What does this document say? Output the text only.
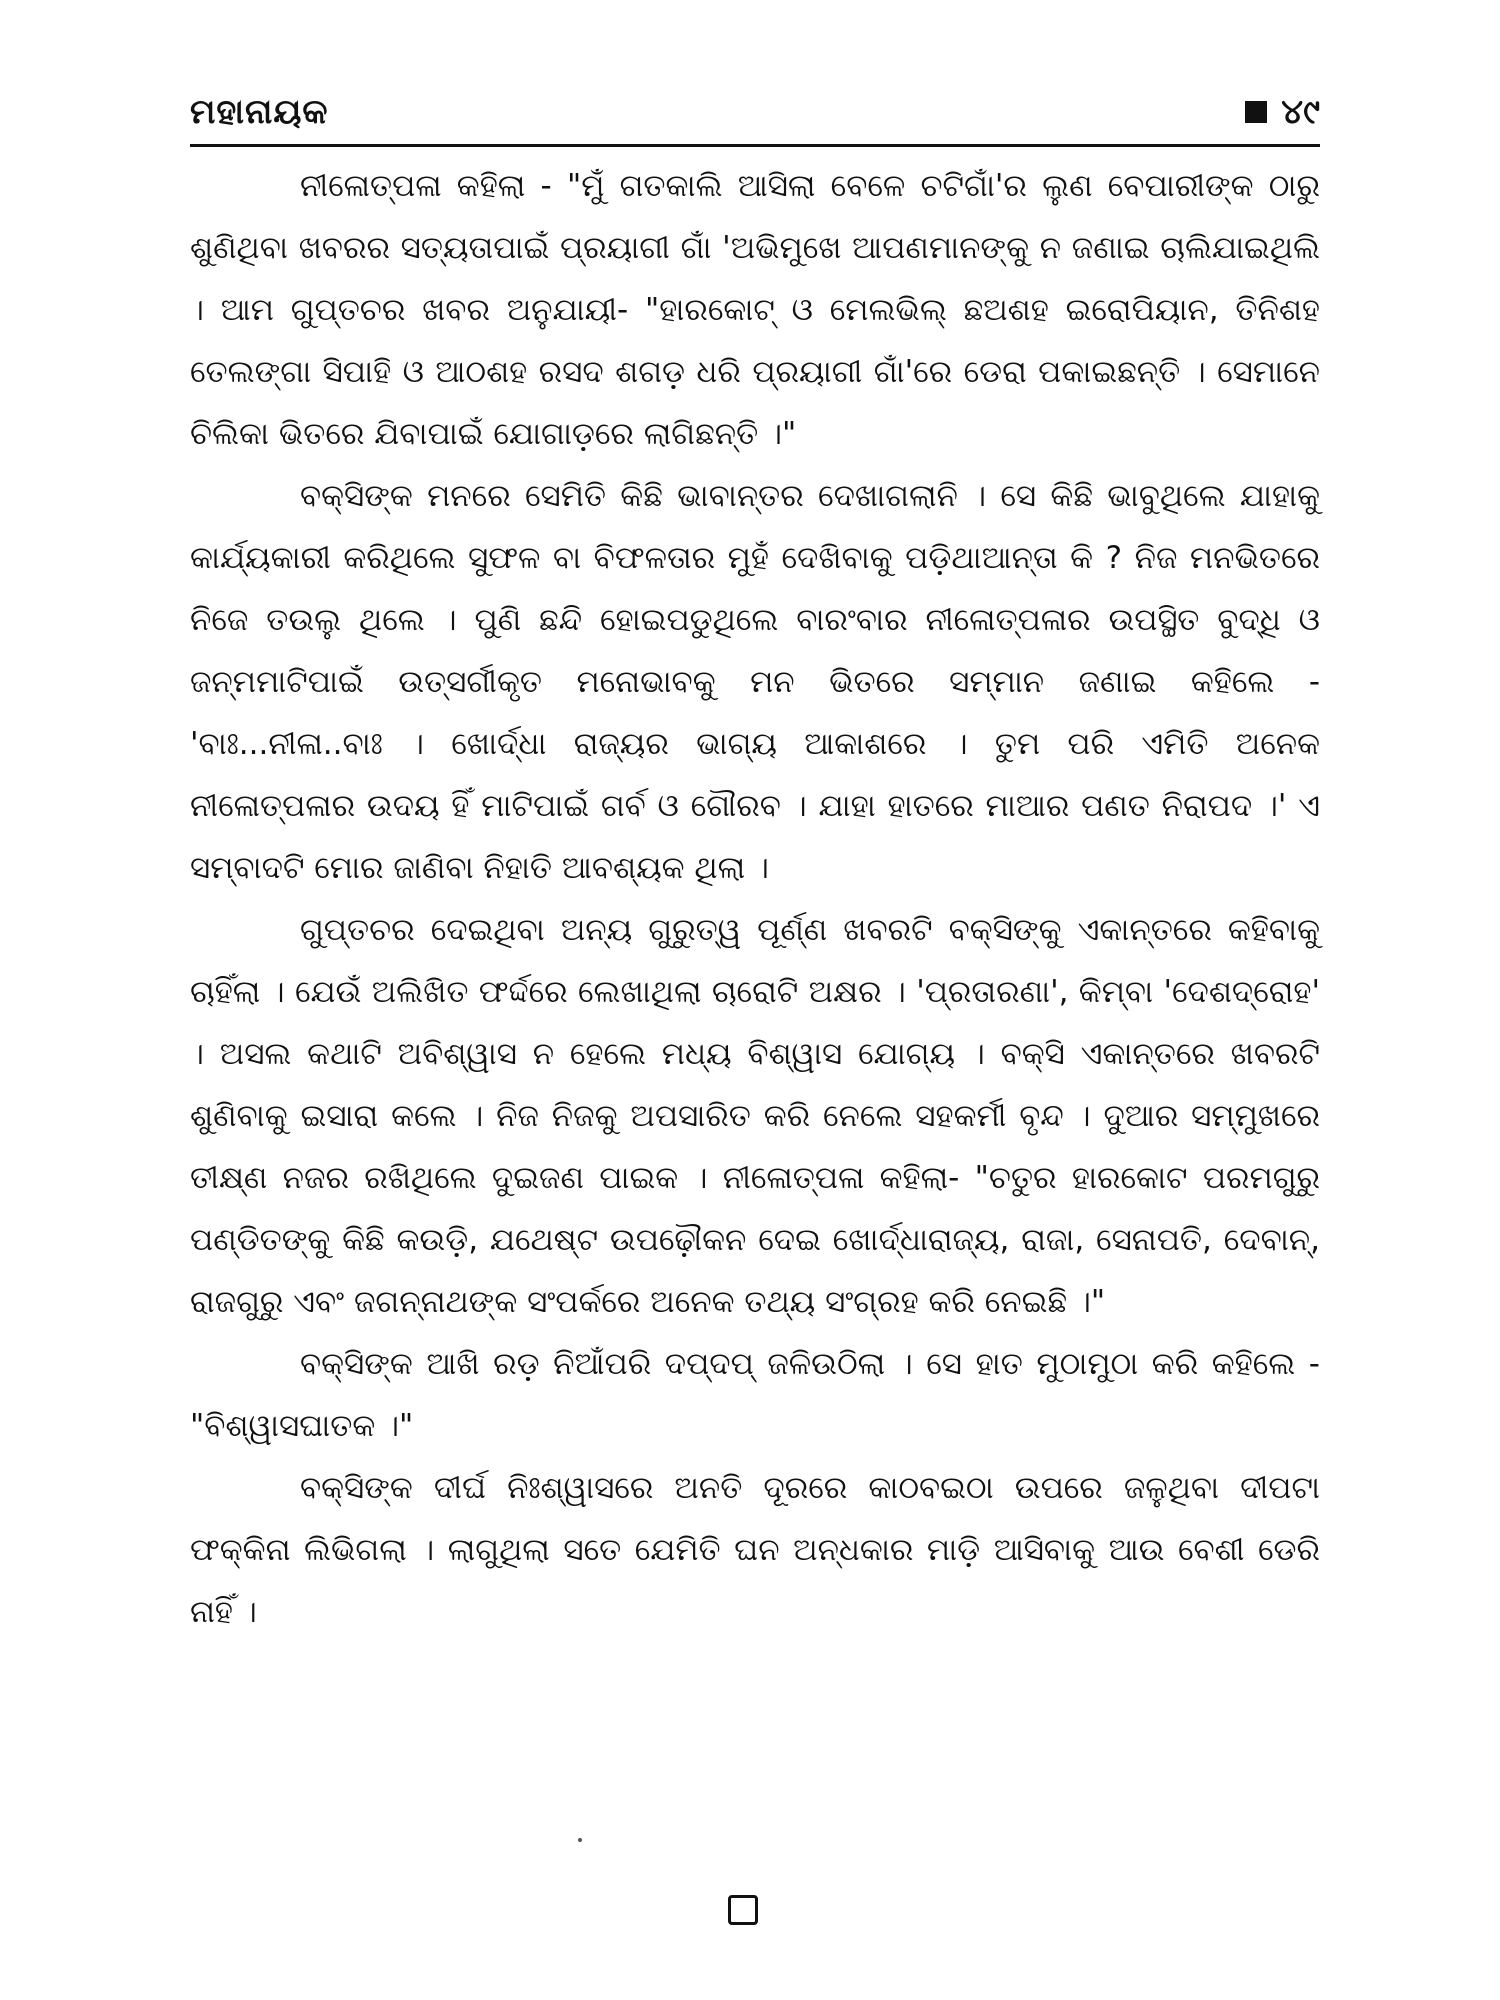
ମହାନାୟକ	୪୯

ନୀଳୋତ୍ପଳା କହିଲା - "ମୁଁ ଗତକାଲି ଆସିଲା ବେଳେ ଚଟିଗାଁ'ର ଲୁଣ ବେପାରୀଙ୍କ ଠାରୁ ଶୁଣିଥିବା ଖବରର ସତ୍ୟତାପାଇଁ ପ୍ରୟାଗୀ ଗାଁ 'ଅଭିମୁଖେ ଆପଣମାନଙ୍କୁ ନ ଜଣାଇ ଚାଲିଯାଇଥିଲି । ଆମ ଗୁପ୍ତଚର ଖବର ଅନୁଯାୟୀ- "ହାରକୋଟ୍ ଓ ମେଲଭିଲ୍ ଛଅଶହ ଇରୋପିୟାନ, ତିନିଶହ ତେଲଙ୍ଗା ସିପାହି ଓ ଆଠଶହ ରସଦ ଶଗଡ଼ ଧରି ପ୍ରୟାଗୀ ଗାଁ'ରେ ଡେରା ପକାଇଛନ୍ତି । ସେମାନେ ଚିଲିକା ଭିତରେ ଯିବାପାଇଁ ଯୋଗାଡ଼ରେ ଲାଗିଛନ୍ତି ।"

ବକ୍ସିଙ୍କ ମନରେ ସେମିତି କିଛି ଭାବାନ୍ତର ଦେଖାଗଲାନି । ସେ କିଛି ଭାବୁଥିଲେ ଯାହାକୁ କାର୍ଯ୍ୟକାରୀ କରିଥିଲେ ସୁଫଳ ବା ବିଫଳତାର ମୁହଁ ଦେଖିବାକୁ ପଡ଼ିଥାଆନ୍ତା କି ? ନିଜ ମନଭିତରେ ନିଜେ ତଉଲୁ ଥିଲେ । ପୁଣି ଛନ୍ଦି ହୋଇପଡୁଥିଲେ ବାରଂବାର ନୀଳୋତ୍ପଳାର ଉପସ୍ଥିତ ବୁଦ୍ଧି ଓ ଜନ୍ମମାଟିପାଇଁ ଉତ୍ସର୍ଗୀକୃତ ମନୋଭାବକୁ ମନ ଭିତରେ ସମ୍ମାନ ଜଣାଇ କହିଲେ - 'ବାଃ...ନୀଳା..ବାଃ । ଖୋର୍ଦ୍ଧା ରାଜ୍ୟର ଭାଗ୍ୟ ଆକାଶରେ । ତୁମ ପରି ଏମିତି ଅନେକ ନୀଳୋତ୍ପଳାର ଉଦୟ ହିଁ ମାଟିପାଇଁ ଗର୍ବ ଓ ଗୌରବ । ଯାହା ହାତରେ ମାଆର ପଣତ ନିରାପଦ ।' ଏ ସମ୍ବାଦଟି ମୋର ଜାଣିବା ନିହାତି ଆବଶ୍ୟକ ଥିଲା ।

ଗୁପ୍ତଚର ଦେଇଥିବା ଅନ୍ୟ ଗୁରୁତ୍ୱ ପୂର୍ଣ୍ଣ ଖବରଟି ବକ୍ସିଙ୍କୁ ଏକାନ୍ତରେ କହିବାକୁ ଚାହିଁଲା । ଯେଉଁ ଅଲିଖିତ ଫର୍ଦ୍ଦରେ ଲେଖାଥିଲା ଚାରୋଟି ଅକ୍ଷର । 'ପ୍ରତାରଣା', କିମ୍ବା 'ଦେଶଦ୍ରୋହ' । ଅସଲ କଥାଟି ଅବିଶ୍ୱାସ ନ ହେଲେ ମଧ୍ୟ ବିଶ୍ୱାସ ଯୋଗ୍ୟ । ବକ୍ସି ଏକାନ୍ତରେ ଖବରଟି ଶୁଣିବାକୁ ଇସାରା କଲେ । ନିଜ ନିଜକୁ ଅପସାରିତ କରି ନେଲେ ସହକର୍ମୀ ବୃନ୍ଦ । ଦୁଆର ସମ୍ମୁଖରେ ତୀକ୍ଷ୍ଣ ନଜର ରଖିଥିଲେ ଦୁଇଜଣ ପାଇକ । ନୀଳୋତ୍ପଳା କହିଲା- "ଚତୁର ହାରକୋଟ ପରମଗୁରୁ ପଣ୍ଡିତଙ୍କୁ କିଛି କଉଡ଼ି, ଯଥେଷ୍ଟ ଉପଢ଼ୌକନ ଦେଇ ଖୋର୍ଦ୍ଧାରାଜ୍ୟ, ରାଜା, ସେନାପତି, ଦେବାନ୍, ରାଜଗୁରୁ ଏବଂ ଜଗନ୍ନାଥଙ୍କ ସଂପର୍କରେ ଅନେକ ତଥ୍ୟ ସଂଗ୍ରହ କରି ନେଇଛି ।"

ବକ୍ସିଙ୍କ ଆଖି ରଡ଼ ନିଆଁପରି ଦପ୍‌ଦପ୍ ଜଳିଉଠିଲା । ସେ ହାତ ମୁଠାମୁଠା କରି କହିଲେ - "ବିଶ୍ୱାସଘାତକ ।"

ବକ୍ସିଙ୍କ ଦୀର୍ଘ ନିଃଶ୍ୱାସରେ ଅନତି ଦୂରରେ କାଠବଇଠା ଉପରେ ଜଳୁଥିବା ଦୀପଟା ଫକ୍‌କିନା ଲିଭିଗଲା । ଲାଗୁଥିଲା ସତେ ଯେମିତି ଘନ ଅନ୍ଧକାର ମାଡ଼ି ଆସିବାକୁ ଆଉ ବେଶୀ ଡେରି ନାହିଁ ।
